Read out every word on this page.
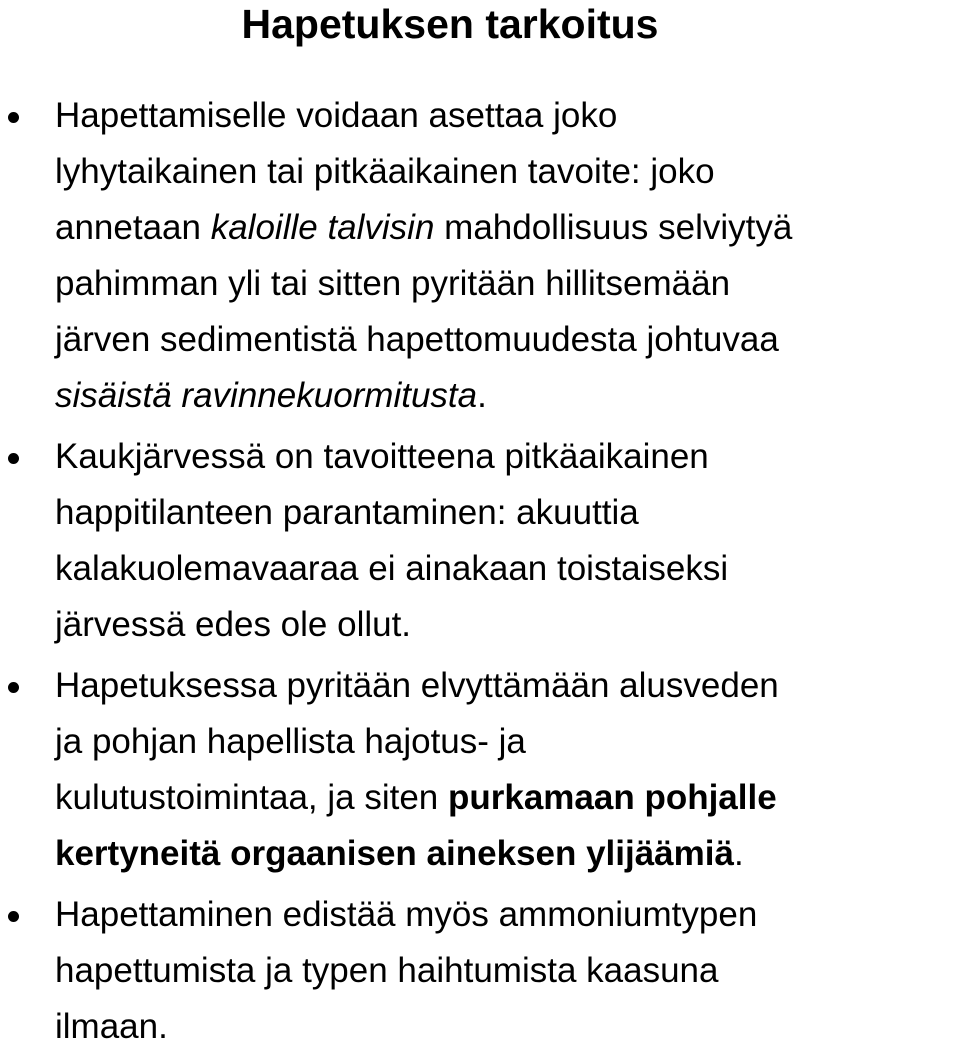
Hapetuksen tarkoitus
Hapettamiselle voidaan asettaa joko
lyhytaikainen tai pitkäaikainen tavoite: joko
annetaan kaloille talvisin mahdollisuus selviytyä
pahimman yli tai sitten pyritään hillitsemään
järven sedimentistä hapettomuudesta johtuvaa
sisäistä ravinnekuormitusta.
Kaukjärvessä on tavoitteena pitkäaikainen
happitilanteen parantaminen: akuuttia
kalakuolemavaaraa ei ainakaan toistaiseksi
järvessä edes ole ollut.
Hapetuksessa pyritään elvyttämään alusveden
ja pohjan hapellista hajotus- ja
kulutustoimintaa, ja siten purkamaan pohjalle
kertyneitä orgaanisen aineksen ylijäämiä.
Hapettaminen edistää myös ammoniumtypen
hapettumista ja typen haihtumista kaasuna
ilmaan.
